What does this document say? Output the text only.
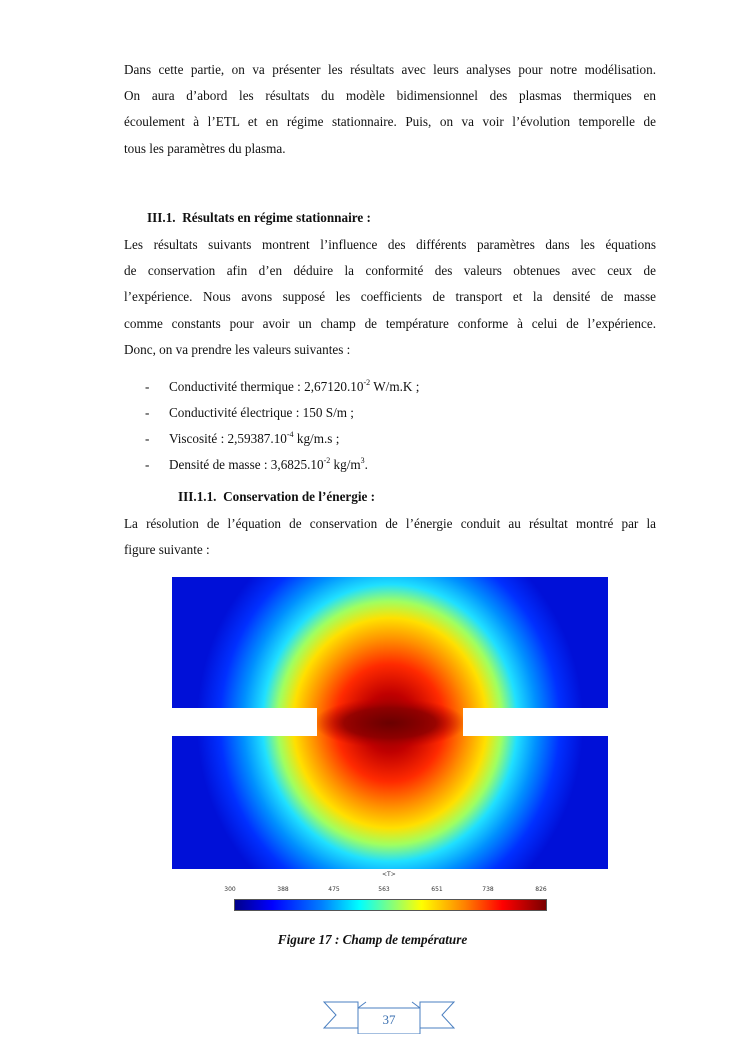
Dans cette partie, on va présenter les résultats avec leurs analyses pour notre modélisation.
On aura d’abord les résultats du modèle bidimensionnel des plasmas thermiques en
écoulement à l’ETL et en régime stationnaire. Puis, on va voir l’évolution temporelle de
tous les paramètres du plasma.
III.1. Résultats en régime stationnaire :
Les résultats suivants montrent l’influence des différents paramètres dans les équations
de conservation afin d’en déduire la conformité des valeurs obtenues avec ceux de
l’expérience. Nous avons supposé les coefficients de transport et la densité de masse
comme constants pour avoir un champ de température conforme à celui de l’expérience.
Donc, on va prendre les valeurs suivantes :
- Conductivité thermique : $2,67120.10^{-2}$ W/m.K ;
- Conductivité électrique : 150 S/m ;
- Viscosité : $2,59387.10^{-4}$ kg/m.s ;
- Densité de masse : $3,6825.10^{-2}$ $kg/m^3$.
III.1.1. Conservation de l’énergie :
La résolution de l’équation de conservation de l’énergie conduit au résultat montré par la
figure suivante :
<T>
300	388	475	563	651	738	826
Figure 17 : Champ de température
37
